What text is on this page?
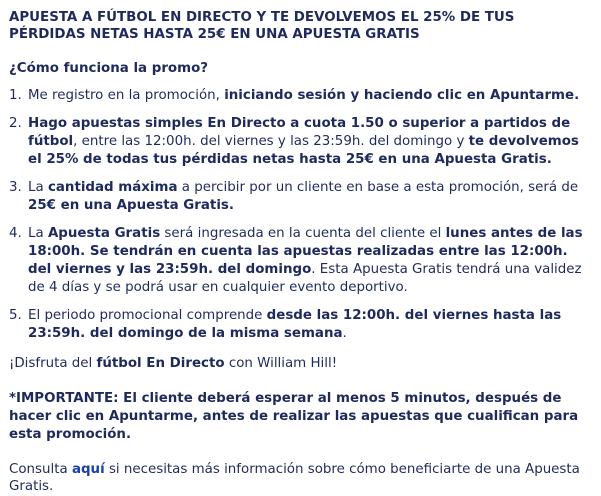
APUESTA A FÚTBOL EN DIRECTO Y TE DEVOLVEMOS EL 25% DE TUS PÉRDIDAS NETAS HASTA 25€ EN UNA APUESTA GRATIS

¿Cómo funciona la promo?

1. Me registro en la promoción, iniciando sesión y haciendo clic en Apuntarme.
2. Hago apuestas simples En Directo a cuota 1.50 o superior a partidos de fútbol, entre las 12:00h. del viernes y las 23:59h. del domingo y te devolvemos el 25% de todas tus pérdidas netas hasta 25€ en una Apuesta Gratis.
3. La cantidad máxima a percibir por un cliente en base a esta promoción, será de 25€ en una Apuesta Gratis.
4. La Apuesta Gratis será ingresada en la cuenta del cliente el lunes antes de las 18:00h. Se tendrán en cuenta las apuestas realizadas entre las 12:00h. del viernes y las 23:59h. del domingo. Esta Apuesta Gratis tendrá una validez de 4 días y se podrá usar en cualquier evento deportivo.
5. El periodo promocional comprende desde las 12:00h. del viernes hasta las 23:59h. del domingo de la misma semana.

¡Disfruta del fútbol En Directo con William Hill!

*IMPORTANTE: El cliente deberá esperar al menos 5 minutos, después de hacer clic en Apuntarme, antes de realizar las apuestas que cualifican para esta promoción.

Consulta aquí si necesitas más información sobre cómo beneficiarte de una Apuesta Gratis.
